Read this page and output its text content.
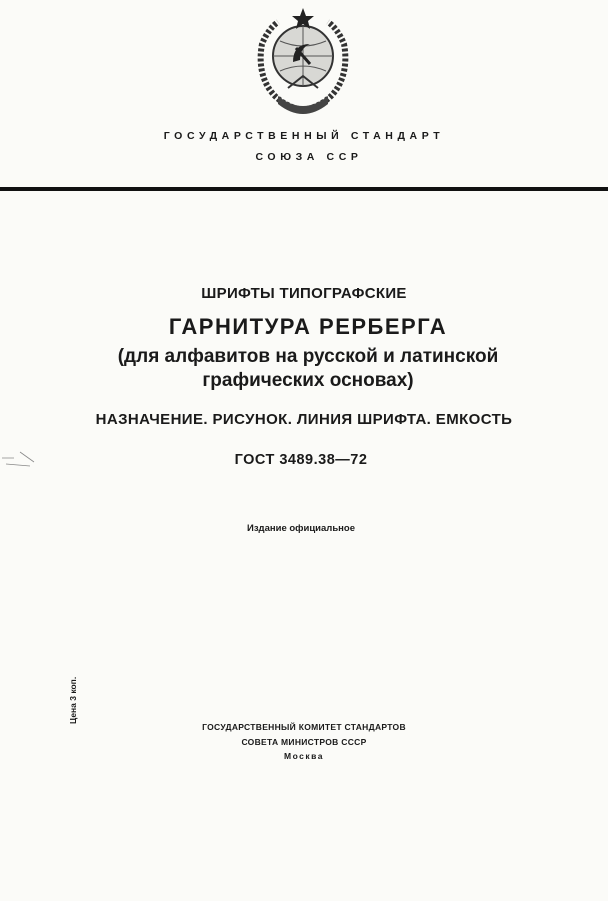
ГОСУДАРСТВЕННЫЙ СТАНДАРТ
СОЮЗА ССР
ШРИФТЫ ТИПОГРАФСКИЕ
ГАРНИТУРА РЕРБЕРГА
(для алфавитов на русской и латинской
графических основах)
НАЗНАЧЕНИЕ. РИСУНОК. ЛИНИЯ ШРИФТА. ЕМКОСТЬ
ГОСТ 3489.38—72
Издание официальное
Цена 3 коп.
ГОСУДАРСТВЕННЫЙ КОМИТЕТ СТАНДАРТОВ
СОВЕТА МИНИСТРОВ СССР
Москва
